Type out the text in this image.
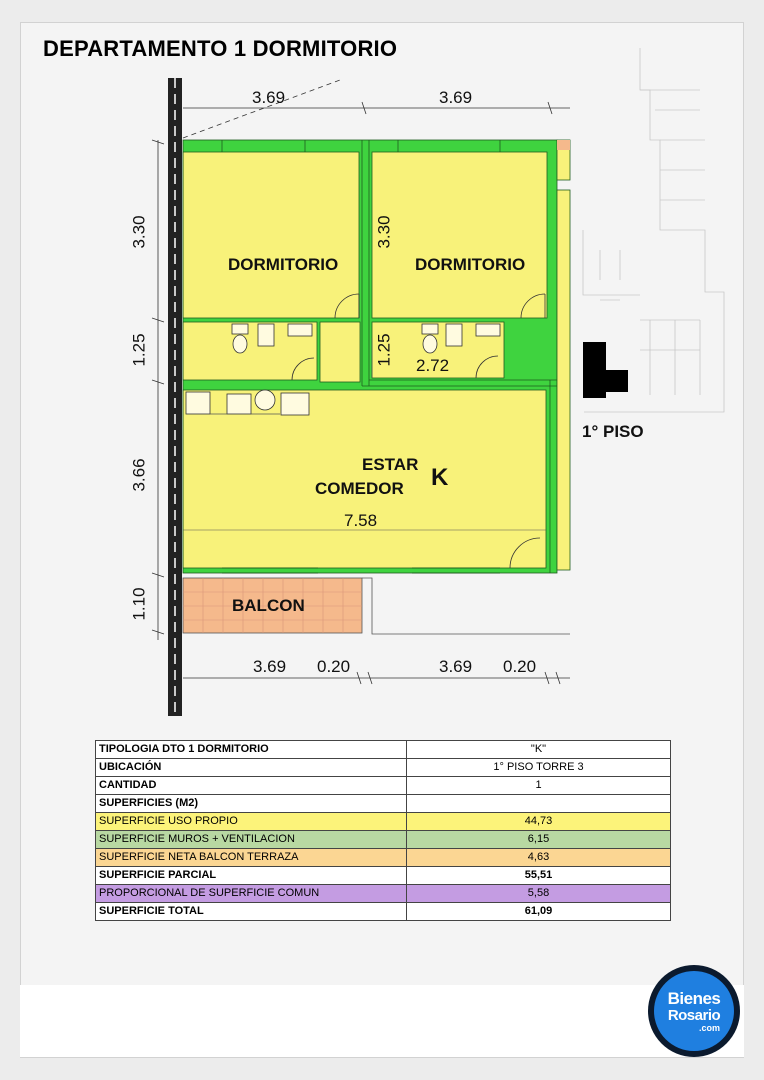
DEPARTAMENTO 1 DORMITORIO
3.69	3.69
3.69 0.20	3.69 0.20
3.30
1.25
3.66
1.10
3.30
1.25 2.72
7.58
DORMITORIO	DORMITORIO
ESTAR
COMEDOR K
BALCON
1° PISO
TIPOLOGIA DTO 1 DORMITORIO	"K"
UBICACIÓN	1° PISO TORRE 3
CANTIDAD	1
SUPERFICIES (M2)	
SUPERFICIE USO PROPIO	44,73
SUPERFICIE MUROS + VENTILACION	6,15
SUPERFICIE NETA BALCON TERRAZA	4,63
SUPERFICIE PARCIAL	55,51
PROPORCIONAL DE SUPERFICIE COMUN	5,58
SUPERFICIE TOTAL	61,09
Bienes
Rosario
.com
